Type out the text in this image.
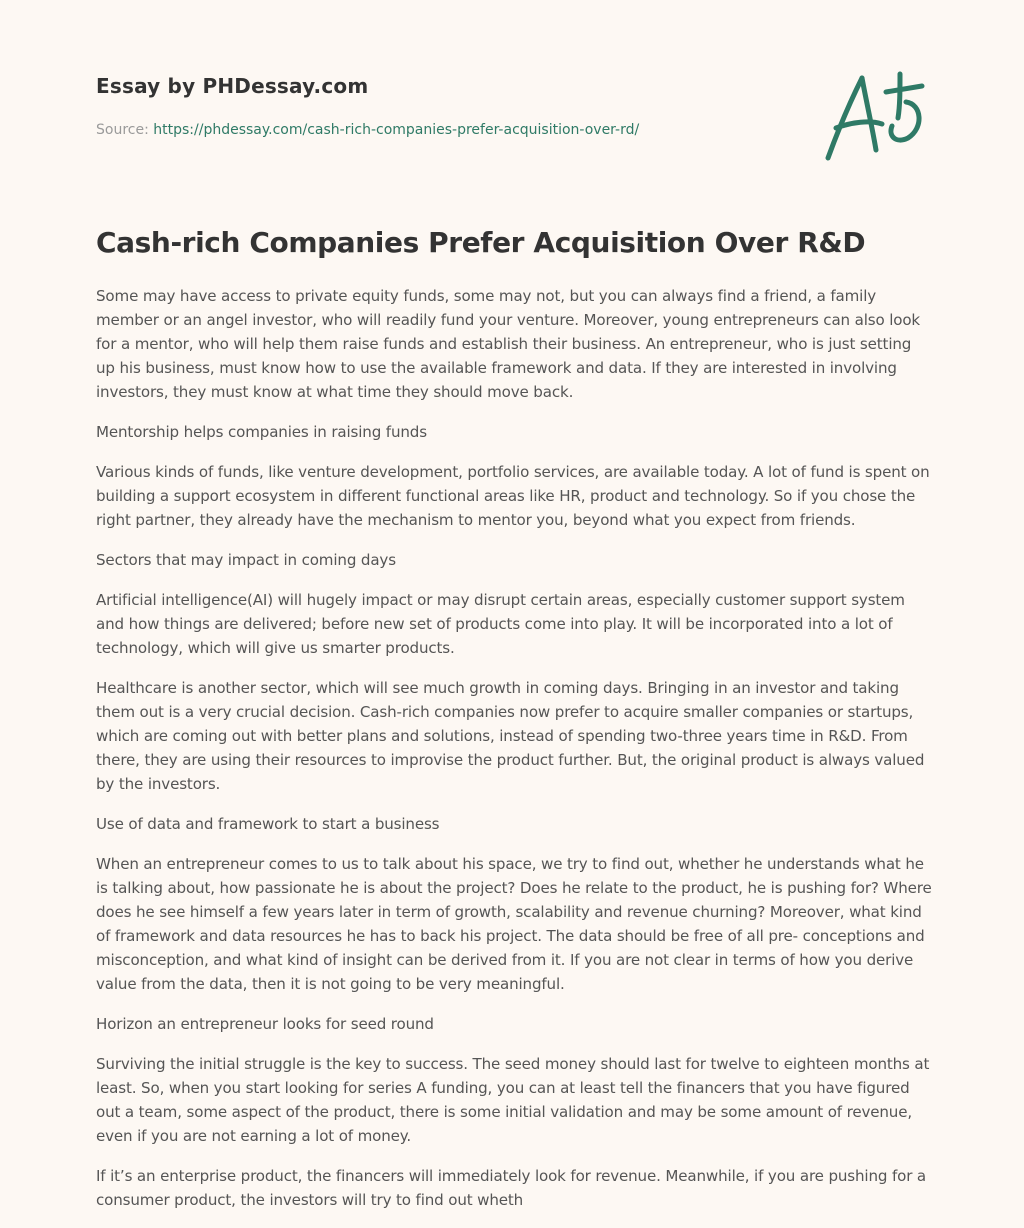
Essay by PHDessay.com
Source: https://phdessay.com/cash-rich-companies-prefer-acquisition-over-rd/
Cash-rich Companies Prefer Acquisition Over R&D

Some may have access to private equity funds, some may not, but you can always find a friend, a family member or an angel investor, who will readily fund your venture. Moreover, young entrepreneurs can also look for a mentor, who will help them raise funds and establish their business. An entrepreneur, who is just setting up his business, must know how to use the available framework and data. If they are interested in involving investors, they must know at what time they should move back.

Mentorship helps companies in raising funds

Various kinds of funds, like venture development, portfolio services, are available today. A lot of fund is spent on building a support ecosystem in different functional areas like HR, product and technology. So if you chose the right partner, they already have the mechanism to mentor you, beyond what you expect from friends.

Sectors that may impact in coming days

Artificial intelligence(AI) will hugely impact or may disrupt certain areas, especially customer support system and how things are delivered; before new set of products come into play. It will be incorporated into a lot of technology, which will give us smarter products.

Healthcare is another sector, which will see much growth in coming days. Bringing in an investor and taking them out is a very crucial decision. Cash-rich companies now prefer to acquire smaller companies or startups, which are coming out with better plans and solutions, instead of spending two-three years time in R&D. From there, they are using their resources to improvise the product further. But, the original product is always valued by the investors.

Use of data and framework to start a business

When an entrepreneur comes to us to talk about his space, we try to find out, whether he understands what he is talking about, how passionate he is about the project? Does he relate to the product, he is pushing for? Where does he see himself a few years later in term of growth, scalability and revenue churning? Moreover, what kind of framework and data resources he has to back his project. The data should be free of all pre- conceptions and misconception, and what kind of insight can be derived from it. If you are not clear in terms of how you derive value from the data, then it is not going to be very meaningful.

Horizon an entrepreneur looks for seed round

Surviving the initial struggle is the key to success. The seed money should last for twelve to eighteen months at least. So, when you start looking for series A funding, you can at least tell the financers that you have figured out a team, some aspect of the product, there is some initial validation and may be some amount of revenue, even if you are not earning a lot of money.

If it’s an enterprise product, the financers will immediately look for revenue. Meanwhile, if you are pushing for a consumer product, the investors will try to find out wheth
